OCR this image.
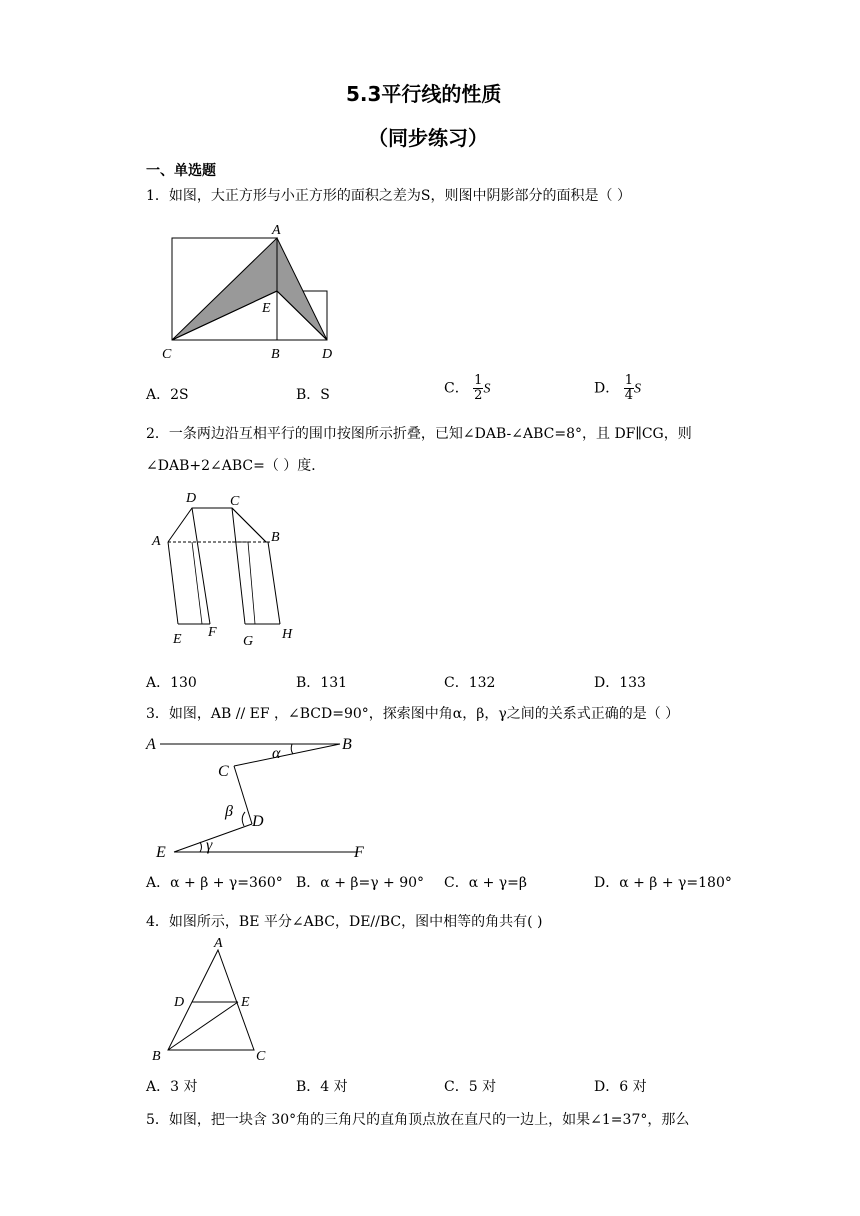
5.3平行线的性质
（同步练习）
一、单选题
1．如图，大正方形与小正方形的面积之差为S，则图中阴影部分的面积是（ ）
A
E
C	B	D
A．2S	B．S	C． $\frac{1}{2}$ S	D． $\frac{1}{4}$ S
2．一条两边沿互相平行的围巾按图所示折叠，已知∠DAB-∠ABC=8°，且 DF∥CG，则
∠DAB+2∠ABC=（ ）度．
D C
A	B
E F
G H
A．130	B．131	C．132	D．133
3．如图，AB // EF ，∠BCD=90°，探索图中角α，β，γ之间的关系式正确的是（ ）
A	B
α
C
β
D
γ
E	F
A．α + β + γ=360° B．α + β=γ + 90° C．α + γ=β	D．α + β + γ=180°
4．如图所示，BE 平分∠ABC，DE//BC，图中相等的角共有( )
A
D	E
B	C
A．3 对	B．4 对	C．5 对	D．6 对
5．如图，把一块含 30°角的三角尺的直角顶点放在直尺的一边上，如果∠1=37°，那么
